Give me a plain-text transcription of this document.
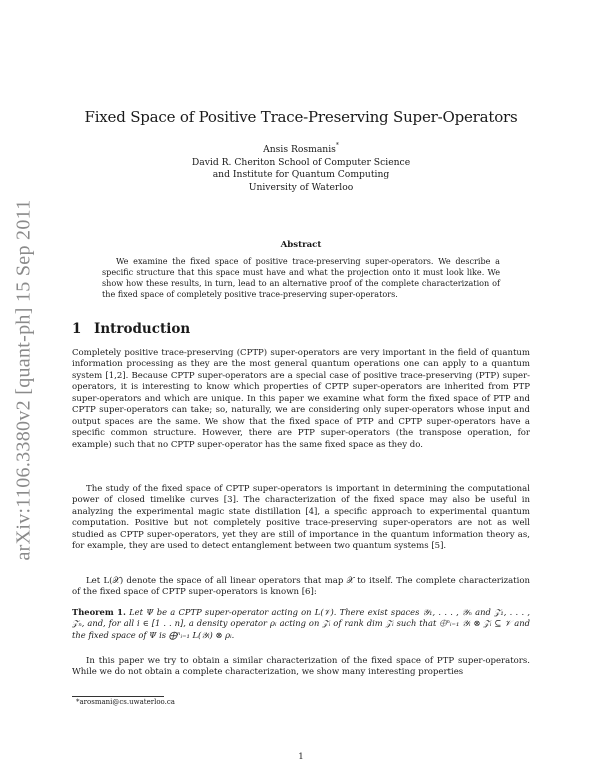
arXiv:1106.3380v2 [quant-ph] 15 Sep 2011
Fixed Space of Positive Trace-Preserving Super-Operators
Ansis Rosmanis*
David R. Cheriton School of Computer Science
and Institute for Quantum Computing
University of Waterloo
Abstract
We examine the fixed space of positive trace-preserving super-operators. We describe a specific structure that this space must have and what the projection onto it must look like. We show how these results, in turn, lead to an alternative proof of the complete characterization of the fixed space of completely positive trace-preserving super-operators.
1 Introduction

Completely positive trace-preserving (CPTP) super-operators are very important in the field of quantum information processing as they are the most general quantum operations one can apply to a quantum system [1,2]. Because CPTP super-operators are a special case of positive trace-preserving (PTP) super-operators, it is interesting to know which properties of CPTP super-operators are inherited from PTP super-operators and which are unique. In this paper we examine what form the fixed space of PTP and CPTP super-operators can take; so, naturally, we are considering only super-operators whose input and output spaces are the same. We show that the fixed space of PTP and CPTP super-operators have a specific common structure. However, there are PTP super-operators (the transpose operation, for example) such that no CPTP super-operator has the same fixed space as they do.

The study of the fixed space of CPTP super-operators is important in determining the computational power of closed timelike curves [3]. The characterization of the fixed space may also be useful in analyzing the experimental magic state distillation [4], a specific approach to experimental quantum computation. Positive but not completely positive trace-preserving super-operators are not as well studied as CPTP super-operators, yet they are still of importance in the quantum information theory as, for example, they are used to detect entanglement between two quantum systems [5].

Let L(𝒳) denote the space of all linear operators that map 𝒳 to itself. The complete characterization of the fixed space of CPTP super-operators is known [6]:

Theorem 1. Let Ψ be a CPTP super-operator acting on L(𝒱). There exist spaces 𝒴₁, . . . , 𝒴ₙ and 𝒵₁, . . . , 𝒵ₙ, and, for all i ∈ [1 . . n], a density operator ρᵢ acting on 𝒵ᵢ of rank dim 𝒵ᵢ such that ⨁ⁿᵢ₌₁ 𝒴ᵢ ⊗ 𝒵ᵢ ⊆ 𝒱 and the fixed space of Ψ is ⨁ⁿᵢ₌₁ L(𝒴ᵢ) ⊗ ρᵢ.

In this paper we try to obtain a similar characterization of the fixed space of PTP super-operators. While we do not obtain a complete characterization, we show many interesting properties

*arosmani@cs.uwaterloo.ca
1
